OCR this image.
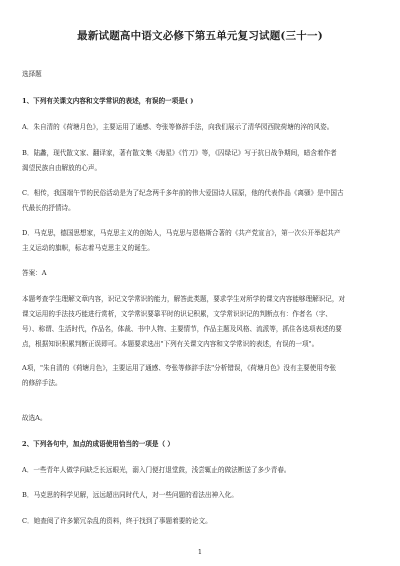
最新试题高中语文必修下第五单元复习试题(三十一)
选择题
1、下列有关课文内容和文学常识的表述，有误的一项是( )
A．朱自清的《荷塘月色》，主要运用了通感、夸张等修辞手法，向我们展示了清华园西院荷塘的淬的风姿。
B．陆蠡，现代散文家、翻译家，著有散文集《海星》《竹刀》等，《囚绿记》写于抗日战争期间，暗含着作者
渴望民族自由解放的心声。
C．相传，我国端午节的民俗活动是为了纪念两千多年前的伟大爱国诗人屈原，他的代表作品《离骚》是中国古
代最长的抒情诗。
D．马克思，德国思想家，马克思主义的创始人，马克思与恩格斯合著的《共产党宣言》，第一次公开举起共产
主义运动的旗帜，标志着马克思主义的诞生。
答案：A
本题考查学生理解文章内容，识记文学常识的能力，解答此类题，要求学生对所学的课文内容能够理解识记，对
课文运用的手法技巧能进行赏析，文学常识要靠平时的识记积累，文学常识识记的判断点有：作者名（字、
号）、称谓、生活时代，作品名，体裁、书中人物、主要情节，作品主题及风格、流派等，抓住各选项表述的要
点，根据知识积累判断正误即可。本题要求选出"下列有关课文内容和文学常识的表述，有误的一项"。
A项，"朱自清的《荷塘月色》，主要运用了通感、夸张等修辞手法"分析错误，《荷塘月色》没有主要使用夸张
的修辞手法。
故选A。
2、下列各句中，加点的成语使用恰当的一项是（ ）
A．一些青年人做学问缺乏长远眼光，溺入门便打退堂鼓，浅尝辄止的做法断送了多少青春。
B．马克思的科学见解，远远超出同时代人，对一些问题的看法出神入化。
C．她查阅了许多繁冗杂乱的资料，终于找到了事题着要的论文。
1
